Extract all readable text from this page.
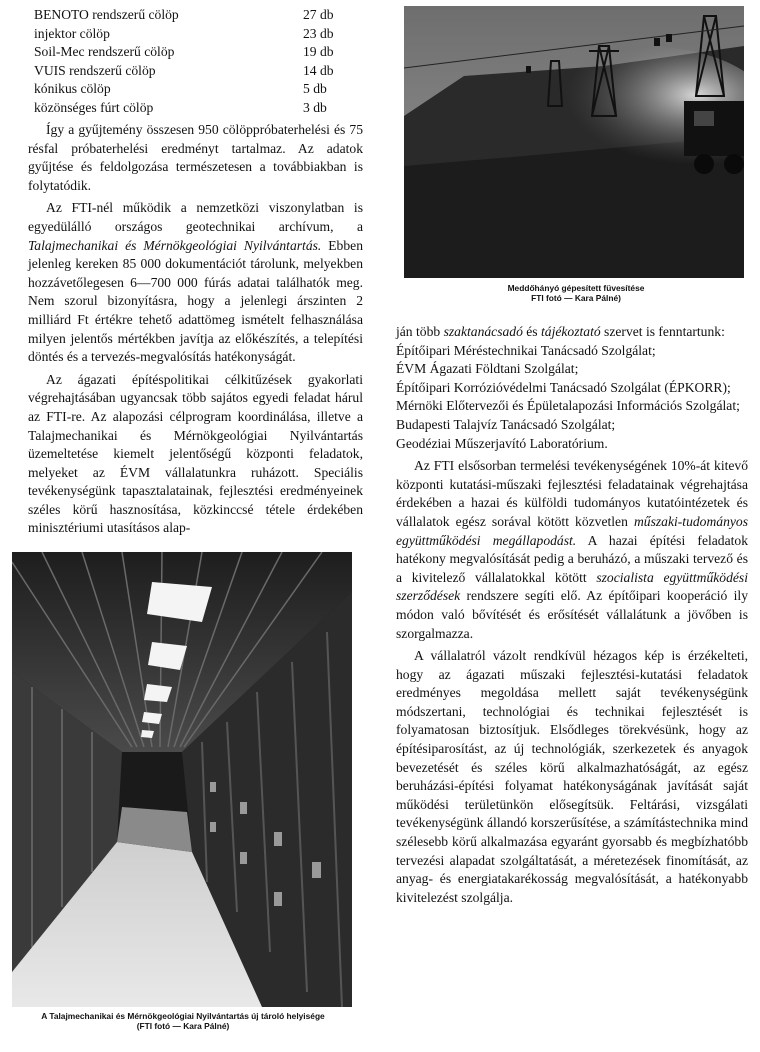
BENOTO rendszerű cölöp	27 db
injektor cölöp	23 db
Soil-Mec rendszerű cölöp	19 db
VUIS rendszerű cölöp	14 db
kónikus cölöp	5 db
közönséges fúrt cölöp	3 db

Így a gyűjtemény összesen 950 cölöppróbaterhelési és 75 résfal próbaterhelési eredményt tartalmaz. Az adatok gyűjtése és feldolgozása természetesen a továbbiakban is folytatódik.

Az FTI-nél működik a nemzetközi viszonylatban is egyedülálló országos geotechnikai archívum, a Talajmechanikai és Mérnökgeológiai Nyilvántartás. Ebben jelenleg kereken 85 000 dokumentációt tárolunk, melyekben hozzávetőlegesen 6—700 000 fúrás adatai találhatók meg. Nem szorul bizonyításra, hogy a jelenlegi árszinten 2 milliárd Ft értékre tehető adattömeg ismételt felhasználása milyen jelentős mértékben javítja az előkészítés, a telepítési döntés és a tervezés-megvalósítás hatékonyságát.

Az ágazati építéspolitikai célkitűzések gyakorlati végrehajtásában ugyancsak több sajátos egyedi feladat hárul az FTI-re. Az alapozási célprogram koordinálása, illetve a Talajmechanikai és Mérnökgeológiai Nyilvántartás üzemeltetése kiemelt jelentőségű központi feladatok, melyeket az ÉVM vállalatunkra ruházott. Speciális tevékenységünk tapasztalatainak, fejlesztési eredményeinek széles körű hasznosítása, közkinccsé tétele érdekében minisztériumi utasításos alap-

A Talajmechanikai és Mérnökgeológiai Nyilvántartás új tároló helyisége
(FTI fotó — Kara Pálné)
Meddőhányó gépesített füvesítése
FTI fotó — Kara Pálné)

ján több szaktanácsadó és tájékoztató szervet is fenntartunk:

Építőipari Méréstechnikai Tanácsadó Szolgálat;

ÉVM Ágazati Földtani Szolgálat;

Építőipari Korrózióvédelmi Tanácsadó Szolgálat (ÉPKORR);

Mérnöki Előtervezői és Épületalapozási Információs Szolgálat;

Budapesti Talajvíz Tanácsadó Szolgálat;

Geodéziai Műszerjavító Laboratórium.

Az FTI elsősorban termelési tevékenységének 10%-át kitevő központi kutatási-műszaki fejlesztési feladatainak végrehajtása érdekében a hazai és külföldi tudományos kutatóintézetek és vállalatok egész sorával kötött közvetlen műszaki-tudományos együttműködési megállapodást. A hazai építési feladatok hatékony megvalósítását pedig a beruházó, a műszaki tervező és a kivitelező vállalatokkal kötött szocialista együttműködési szerződések rendszere segíti elő. Az építőipari kooperáció ily módon való bővítését és erősítését vállalátunk a jövőben is szorgalmazza.

A vállalatról vázolt rendkívül hézagos kép is érzékelteti, hogy az ágazati műszaki fejlesztési-kutatási feladatok eredményes megoldása mellett saját tevékenységünk módszertani, technológiai és technikai fejlesztését is folyamatosan biztosítjuk. Elsődleges törekvésünk, hogy az építésiparosítást, az új technológiák, szerkezetek és anyagok bevezetését és széles körű alkalmazhatóságát, az egész beruházási-építési folyamat hatékonyságának javítását saját működési területünkön elősegítsük. Feltárási, vizsgálati tevékenységünk állandó korszerűsítése, a számítástechnika mind szélesebb körű alkalmazása egyaránt gyorsabb és megbízhatóbb tervezési alapadat szolgáltatását, a méretezések finomítását, az anyag- és energiatakarékosság megvalósítását, a hatékonyabb kivitelezést szolgálja.
